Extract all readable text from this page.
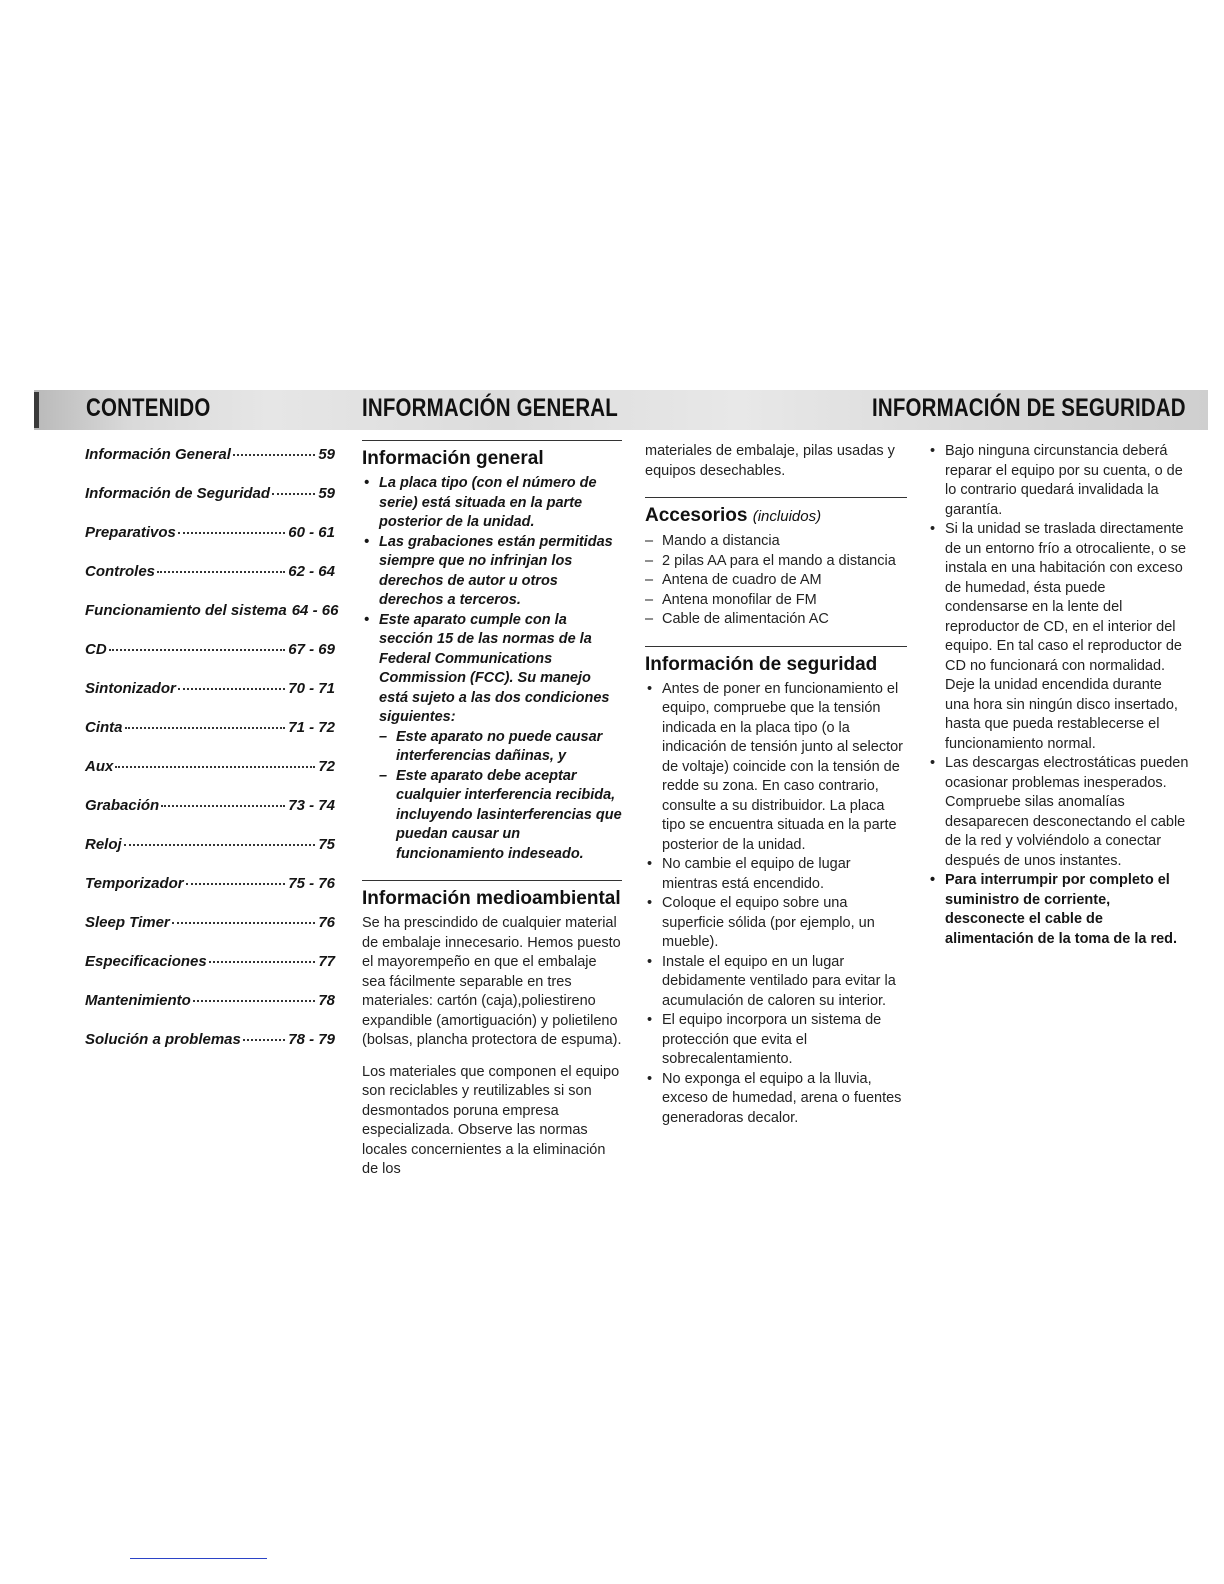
CONTENIDO	INFORMACIÓN GENERAL	INFORMACIÓN DE SEGURIDAD
Información General	59
Información de Seguridad	59
Preparativos	60 - 61
Controles	62 - 64
Funcionamiento del sistema 64 - 66
CD	67 - 69
Sintonizador	70 - 71
Cinta	71 - 72
Aux	72
Grabación	73 - 74
Reloj	75
Temporizador	75 - 76
Sleep Timer	76
Especificaciones	77
Mantenimiento	78
Solución a problemas	78 - 79
Información general
• La placa tipo (con el número de serie) está situada en la parte posterior de la unidad.
• Las grabaciones están permitidas siempre que no infrinjan los derechos de autor u otros derechos a terceros.
• Este aparato cumple con la sección 15 de las normas de la Federal Communications Commission (FCC). Su manejo está sujeto a las dos condiciones siguientes:
– Este aparato no puede causar interferencias dañinas, y
– Este aparato debe aceptar cualquier interferencia recibida, incluyendo lasinterferencias que puedan causar un funcionamiento indeseado.
Información medioambiental

Se ha prescindido de cualquier material de embalaje innecesario. Hemos puesto el mayorempeño en que el embalaje sea fácilmente separable en tres materiales: cartón (caja),poliestireno expandible (amortiguación) y polietileno (bolsas, plancha protectora de espuma).

Los materiales que componen el equipo son reciclables y reutilizables si son desmontados poruna empresa especializada. Observe las normas locales concernientes a la eliminación de los

materiales de embalaje, pilas usadas y equipos desechables.

Accesorios (incluidos)
– Mando a distancia
– 2 pilas AA para el mando a distancia
– Antena de cuadro de AM
– Antena monofilar de FM
– Cable de alimentación AC
Información de seguridad
• Antes de poner en funcionamiento el equipo, compruebe que la tensión indicada en la placa tipo (o la indicación de tensión junto al selector de voltaje) coincide con la tensión de redde su zona. En caso contrario, consulte a su distribuidor. La placa tipo se encuentra situada en la parte posterior de la unidad.
• No cambie el equipo de lugar mientras está encendido.
• Coloque el equipo sobre una superficie sólida (por ejemplo, un mueble).
• Instale el equipo en un lugar debidamente ventilado para evitar la acumulación de caloren su interior.
• El equipo incorpora un sistema de protección que evita el sobrecalentamiento.
• No exponga el equipo a la lluvia, exceso de humedad, arena o fuentes generadoras decalor.
• Bajo ninguna circunstancia deberá reparar el equipo por su cuenta, o de lo contrario quedará invalidada la garantía.
• Si la unidad se traslada directamente de un entorno frío a otrocaliente, o se instala en una habitación con exceso de humedad, ésta puede condensarse en la lente del reproductor de CD, en el interior del equipo. En tal caso el reproductor de CD no funcionará con normalidad. Deje la unidad encendida durante una hora sin ningún disco insertado, hasta que pueda restablecerse el funcionamiento normal.
• Las descargas electrostáticas pueden ocasionar problemas inesperados. Compruebe silas anomalías desaparecen desconectando el cable de la red y volviéndolo a conectar después de unos instantes.
• Para interrumpir por completo el suministro de corriente, desconecte el cable de alimentación de la toma de la red.
